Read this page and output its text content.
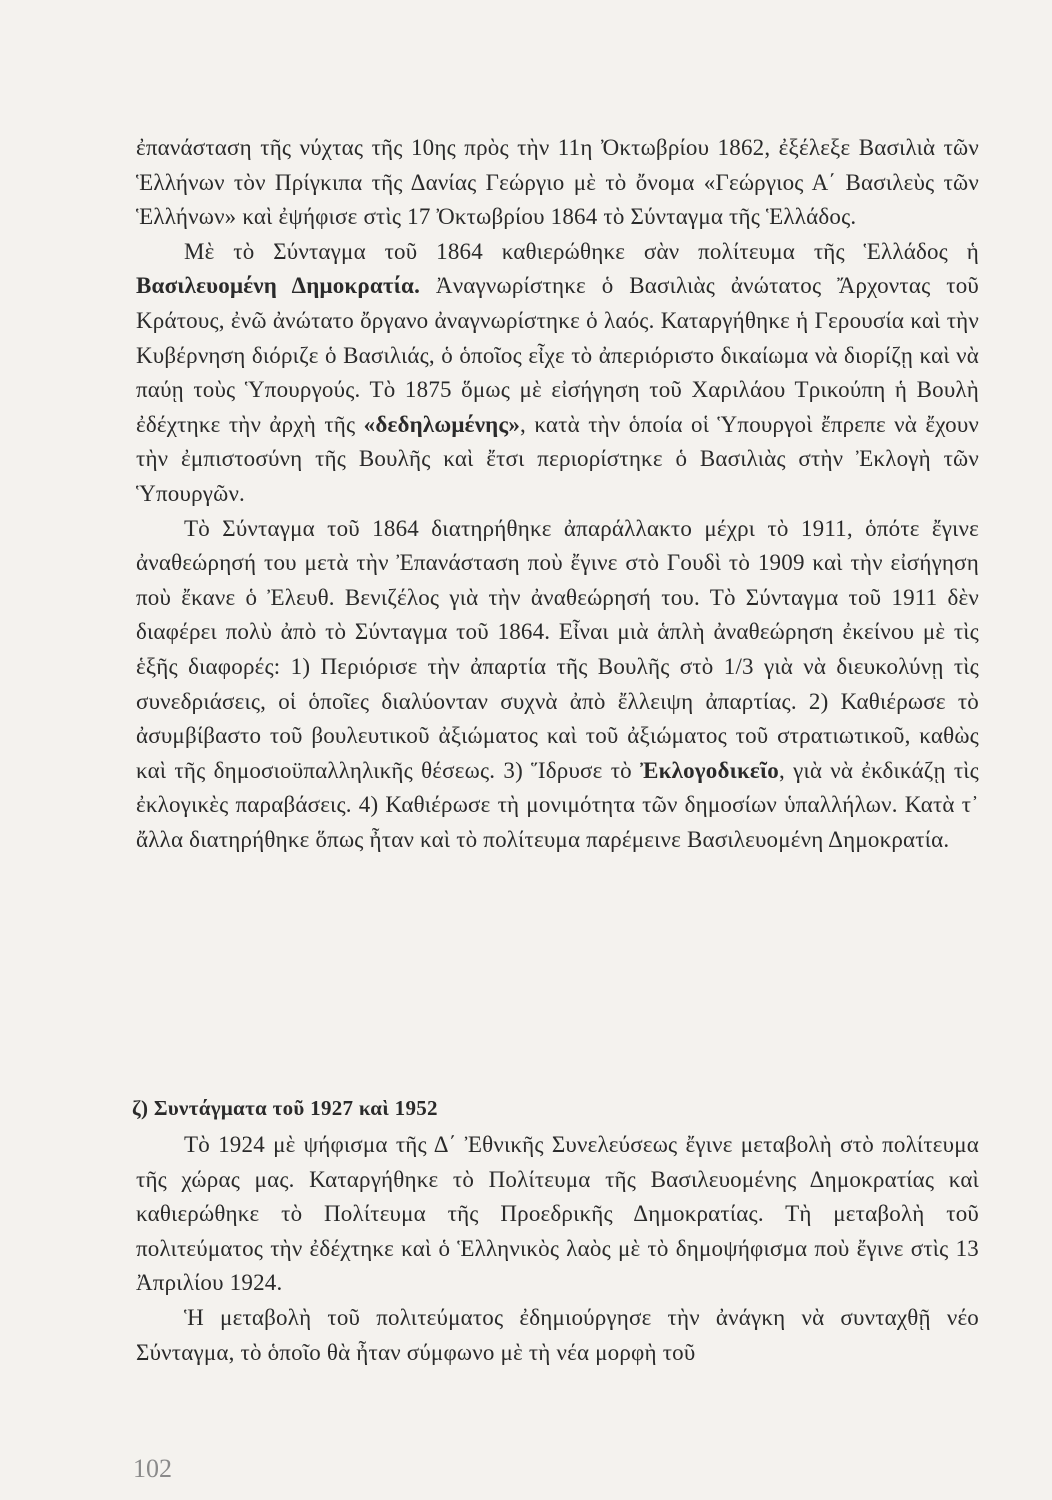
ἐπανάσταση τῆς νύχτας τῆς 10ης πρὸς τὴν 11η Ὀκτωβρίου 1862, ἐξέλεξε Βασιλιὰ τῶν Ἑλλήνων τὸν Πρίγκιπα τῆς Δανίας Γεώργιο μὲ τὸ ὄνομα «Γεώργιος Α΄ Βασιλεὺς τῶν Ἑλλήνων» καὶ ἐψήφισε στὶς 17 Ὀκτωβρίου 1864 τὸ Σύνταγμα τῆς Ἑλλάδος.

Μὲ τὸ Σύνταγμα τοῦ 1864 καθιερώθηκε σὰν πολίτευμα τῆς Ἑλλάδος ἡ Βασιλευομένη Δημοκρατία. Ἀναγνωρίστηκε ὁ Βασιλιὰς ἀνώτατος Ἄρχοντας τοῦ Κράτους, ἐνῶ ἀνώτατο ὄργανο ἀναγνωρίστηκε ὁ λαός. Καταργήθηκε ἡ Γερουσία καὶ τὴν Κυβέρνηση διόριζε ὁ Βασιλιάς, ὁ ὁποῖος εἶχε τὸ ἀπεριόριστο δικαίωμα νὰ διορίζῃ καὶ νὰ παύῃ τοὺς Ὑπουργούς. Τὸ 1875 ὅμως μὲ εἰσήγηση τοῦ Χαριλάου Τρικούπη ἡ Βουλὴ ἐδέχτηκε τὴν ἀρχὴ τῆς «δεδηλωμένης», κατὰ τὴν ὁποία οἱ Ὑπουργοὶ ἔπρεπε νὰ ἔχουν τὴν ἐμπιστοσύνη τῆς Βουλῆς καὶ ἔτσι περιορίστηκε ὁ Βασιλιὰς στὴν Ἐκλογὴ τῶν Ὑπουργῶν.

Τὸ Σύνταγμα τοῦ 1864 διατηρήθηκε ἀπαράλλακτο μέχρι τὸ 1911, ὁπότε ἔγινε ἀναθεώρησή του μετὰ τὴν Ἐπανάσταση ποὺ ἔγινε στὸ Γουδὶ τὸ 1909 καὶ τὴν εἰσήγηση ποὺ ἔκανε ὁ Ἐλευθ. Βενιζέλος γιὰ τὴν ἀναθεώρησή του. Τὸ Σύνταγμα τοῦ 1911 δὲν διαφέρει πολὺ ἀπὸ τὸ Σύνταγμα τοῦ 1864. Εἶναι μιὰ ἁπλὴ ἀναθεώρηση ἐκείνου μὲ τὶς ἑξῆς διαφορές: 1) Περιόρισε τὴν ἀπαρτία τῆς Βουλῆς στὸ 1/3 γιὰ νὰ διευκολύνῃ τὶς συνεδριάσεις, οἱ ὁποῖες διαλύονταν συχνὰ ἀπὸ ἔλλειψη ἀπαρτίας. 2) Καθιέρωσε τὸ ἀσυμβίβαστο τοῦ βουλευτικοῦ ἀξιώματος καὶ τοῦ ἀξιώματος τοῦ στρατιωτικοῦ, καθὼς καὶ τῆς δημοσιοϋπαλληλικῆς θέσεως. 3) Ἵδρυσε τὸ Ἐκλογοδικεῖο, γιὰ νὰ ἐκδικάζῃ τὶς ἐκλογικὲς παραβάσεις. 4) Καθιέρωσε τὴ μονιμότητα τῶν δημοσίων ὑπαλλήλων. Κατὰ τ᾽ ἄλλα διατηρήθηκε ὅπως ἦταν καὶ τὸ πολίτευμα παρέμεινε Βασιλευομένη Δημοκρατία.

ζ) Συντάγματα τοῦ 1927 καὶ 1952

Τὸ 1924 μὲ ψήφισμα τῆς Δ΄ Ἐθνικῆς Συνελεύσεως ἔγινε μεταβολὴ στὸ πολίτευμα τῆς χώρας μας. Καταργήθηκε τὸ Πολίτευμα τῆς Βασιλευομένης Δημοκρατίας καὶ καθιερώθηκε τὸ Πολίτευμα τῆς Προεδρικῆς Δημοκρατίας. Τὴ μεταβολὴ τοῦ πολιτεύματος τὴν ἐδέχτηκε καὶ ὁ Ἑλληνικὸς λαὸς μὲ τὸ δημοψήφισμα ποὺ ἔγινε στὶς 13 Ἀπριλίου 1924.

Ἡ μεταβολὴ τοῦ πολιτεύματος ἐδημιούργησε τὴν ἀνάγκη νὰ συνταχθῇ νέο Σύνταγμα, τὸ ὁποῖο θὰ ἦταν σύμφωνο μὲ τὴ νέα μορφὴ τοῦ

102
